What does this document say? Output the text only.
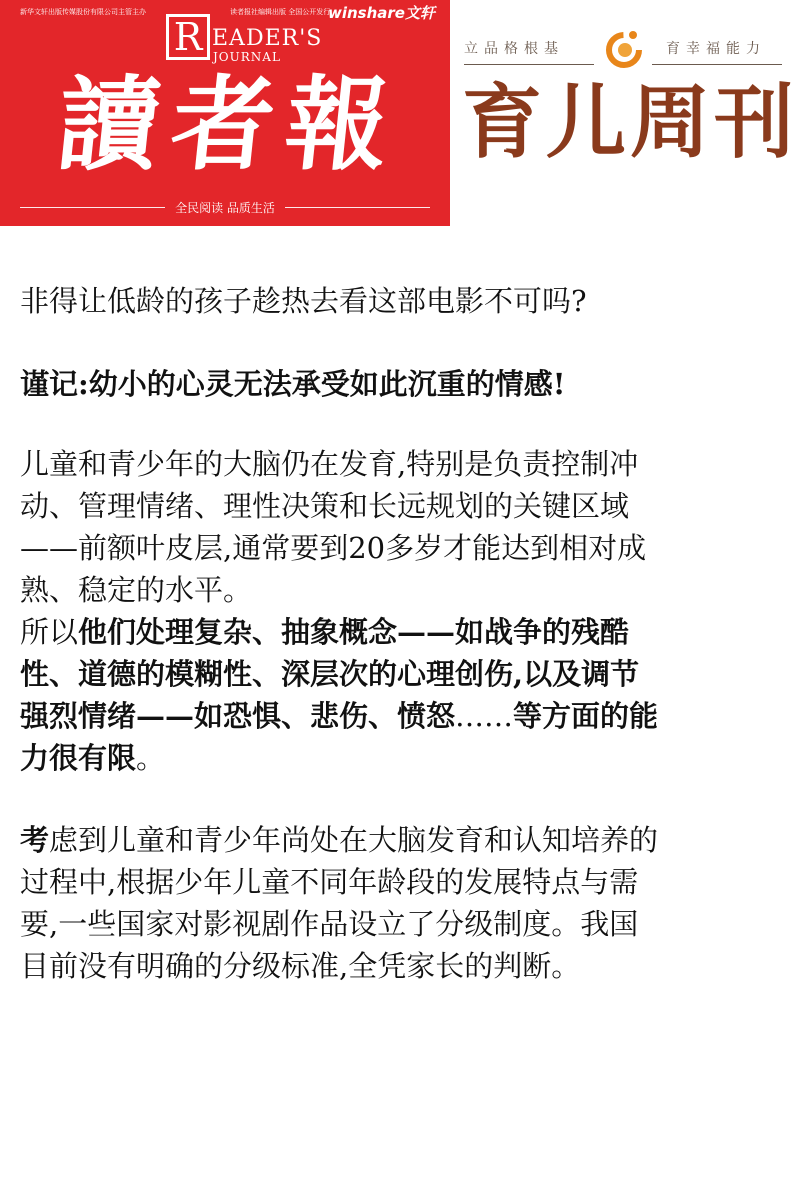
新华文轩出版传媒股份有限公司主管主办	读者报社编辑出版 全国公开发行
winshare文轩
R EADER'S
JOURNAL
讀者報
全民阅读 品质生活
立品格根基	育幸福能力
育儿周刊

非得让低龄的孩子趁热去看这部电影不可吗?

谨记:幼小的心灵无法承受如此沉重的情感!

儿童和青少年的大脑仍在发育,特别是负责控制冲

动、管理情绪、理性决策和长远规划的关键区域

——前额叶皮层,通常要到20多岁才能达到相对成

熟、稳定的水平。

所以他们处理复杂、抽象概念——如战争的残酷

性、道德的模糊性、深层次的心理创伤,以及调节

强烈情绪——如恐惧、悲伤、愤怒……等方面的能

力很有限。

考虑到儿童和青少年尚处在大脑发育和认知培养的

过程中,根据少年儿童不同年龄段的发展特点与需

要,一些国家对影视剧作品设立了分级制度。我国

目前没有明确的分级标准,全凭家长的判断。
